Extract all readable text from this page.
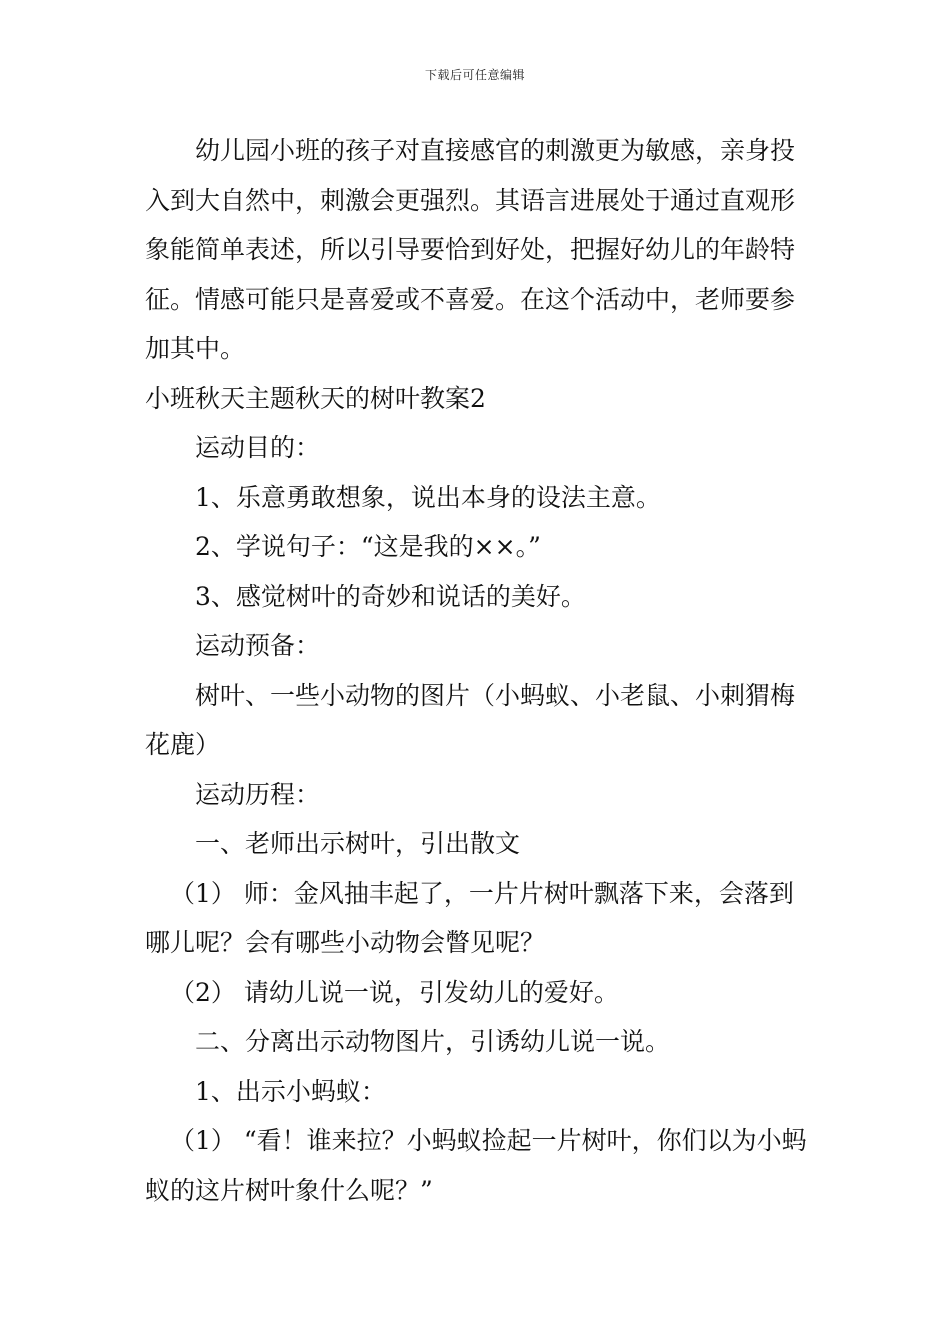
下载后可任意编辑

幼儿园小班的孩子对直接感官的刺激更为敏感，亲身投入到大自然中，刺激会更强烈。其语言进展处于通过直观形象能简单表述，所以引导要恰到好处，把握好幼儿的年龄特征。情感可能只是喜爱或不喜爱。在这个活动中，老师要参加其中。

小班秋天主题秋天的树叶教案2

运动目的：

1、乐意勇敢想象，说出本身的设法主意。

2、学说句子：“这是我的××。”

3、感觉树叶的奇妙和说话的美好。

运动预备：

树叶、一些小动物的图片（小蚂蚁、小老鼠、小刺猬梅花鹿）

运动历程：

一、老师出示树叶，引出散文

（1） 师：金风抽丰起了，一片片树叶飘落下来，会落到哪儿呢？会有哪些小动物会瞥见呢？

（2） 请幼儿说一说，引发幼儿的爱好。

二、分离出示动物图片，引诱幼儿说一说。

1、出示小蚂蚁：

（1） “看！谁来拉？小蚂蚁捡起一片树叶，你们以为小蚂蚁的这片树叶象什么呢？”
